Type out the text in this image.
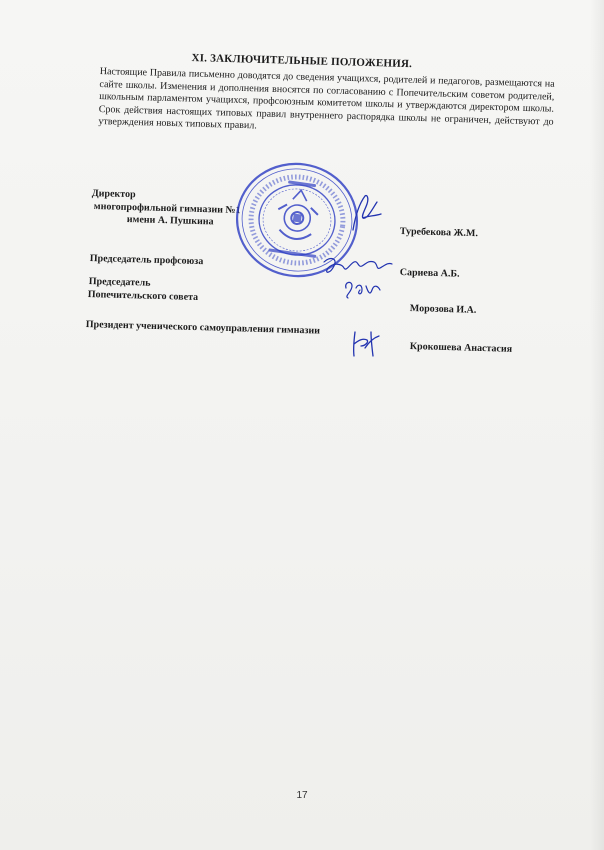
XI. ЗАКЛЮЧИТЕЛЬНЫЕ ПОЛОЖЕНИЯ.

Настоящие Правила письменно доводятся до сведения учащихся, родителей и педагогов, размещаются на сайте школы. Изменения и дополнения вносятся по согласованию с Попечительским советом родителей, школьным парламентом учащихся, профсоюзным комитетом школы и утверждаются директором школы. Срок действия настоящих типовых правил внутреннего распорядка школы не ограничен, действуют до утверждения новых типовых правил.

Директор
многопрофильной гимназии №1
имени А. Пушкина
Туребекова Ж.М.
Председатель профсоюза
Сариева А.Б.
Председатель
Попечительского совета
Морозова И.А.
Президент ученического самоуправления гимназии
Крокошева Анастасия
17
